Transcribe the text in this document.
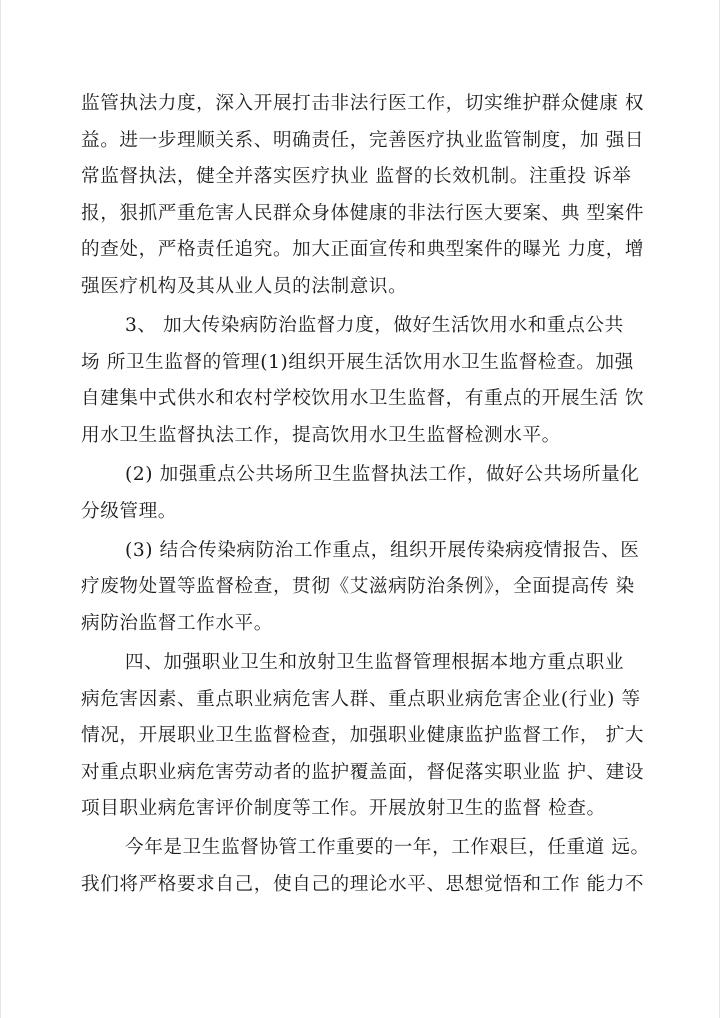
监管执法力度，深入开展打击非法行医工作，切实维护群众健康 权
益。进一步理顺关系、明确责任，完善医疗执业监管制度，加 强日
常监督执法，健全并落实医疗执业 监督的长效机制。注重投 诉举
报，狠抓严重危害人民群众身体健康的非法行医大要案、典 型案件
的查处，严格责任追究。加大正面宣传和典型案件的曝光 力度，增
强医疗机构及其从业人员的法制意识。
3、 加大传染病防治监督力度，做好生活饮用水和重点公共
场 所卫生监督的管理(1)组织开展生活饮用水卫生监督检查。加强
自建集中式供水和农村学校饮用水卫生监督，有重点的开展生活 饮
用水卫生监督执法工作，提高饮用水卫生监督检测水平。
(2) 加强重点公共场所卫生监督执法工作，做好公共场所量化
分级管理。
(3) 结合传染病防治工作重点，组织开展传染病疫情报告、医
疗废物处置等监督检查，贯彻《艾滋病防治条例》，全面提高传 染
病防治监督工作水平。
四、加强职业卫生和放射卫生监督管理根据本地方重点职业
病危害因素、重点职业病危害人群、重点职业病危害企业(行业) 等
情况，开展职业卫生监督检查，加强职业健康监护监督工作， 扩大
对重点职业病危害劳动者的监护覆盖面，督促落实职业监 护、建设
项目职业病危害评价制度等工作。开展放射卫生的监督 检查。
今年是卫生监督协管工作重要的一年，工作艰巨，任重道 远。
我们将严格要求自己，使自己的理论水平、思想觉悟和工作 能力不
